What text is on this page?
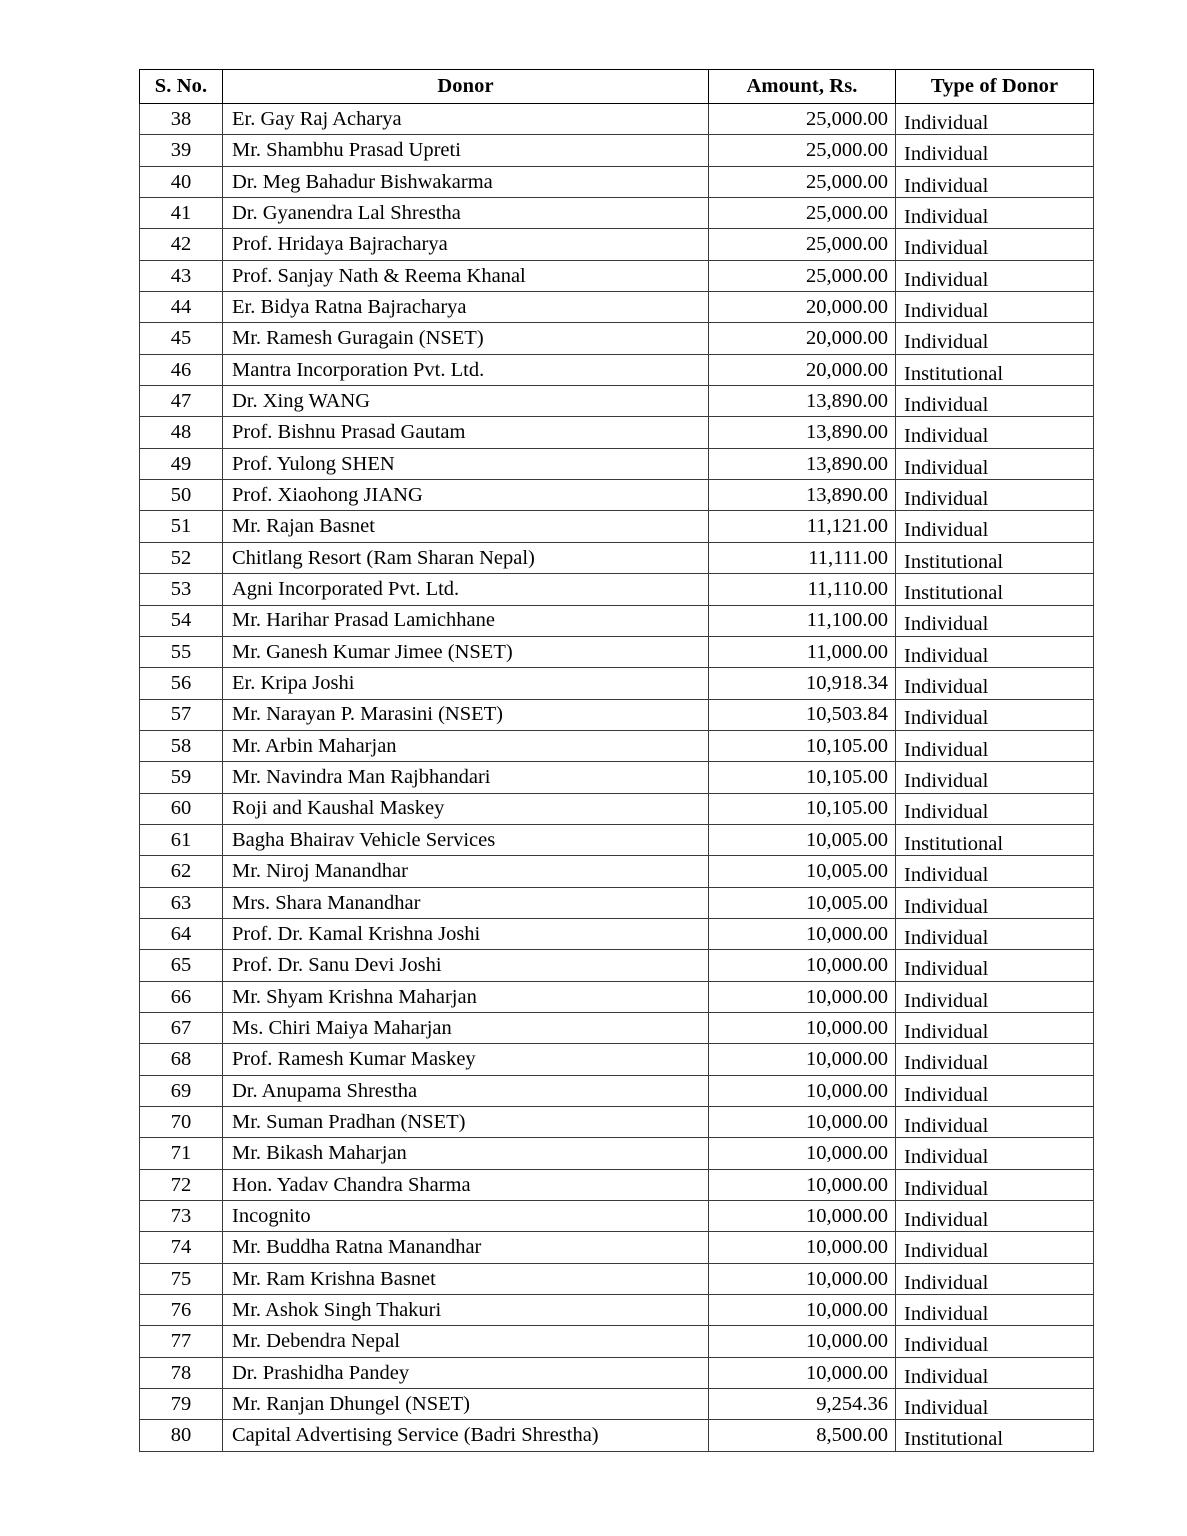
S. No.	Donor	Amount, Rs.	Type of Donor

38	Er. Gay Raj Acharya	25,000.00	Individual

39	Mr. Shambhu Prasad Upreti	25,000.00	Individual

40	Dr. Meg Bahadur Bishwakarma	25,000.00	Individual

41	Dr. Gyanendra Lal Shrestha	25,000.00	Individual

42	Prof. Hridaya Bajracharya	25,000.00	Individual

43	Prof. Sanjay Nath & Reema Khanal	25,000.00	Individual

44	Er. Bidya Ratna Bajracharya	20,000.00	Individual

45	Mr. Ramesh Guragain (NSET)	20,000.00	Individual

46	Mantra Incorporation Pvt. Ltd.	20,000.00	Institutional

47	Dr. Xing WANG	13,890.00	Individual

48	Prof. Bishnu Prasad Gautam	13,890.00	Individual

49	Prof. Yulong SHEN	13,890.00	Individual

50	Prof. Xiaohong JIANG	13,890.00	Individual

51	Mr. Rajan Basnet	11,121.00	Individual

52	Chitlang Resort (Ram Sharan Nepal)	11,111.00	Institutional

53	Agni Incorporated Pvt. Ltd.	11,110.00	Institutional

54	Mr. Harihar Prasad Lamichhane	11,100.00	Individual

55	Mr. Ganesh Kumar Jimee (NSET)	11,000.00	Individual

56	Er. Kripa Joshi	10,918.34	Individual

57	Mr. Narayan P. Marasini (NSET)	10,503.84	Individual

58	Mr. Arbin Maharjan	10,105.00	Individual

59	Mr. Navindra Man Rajbhandari	10,105.00	Individual

60	Roji and Kaushal Maskey	10,105.00	Individual

61	Bagha Bhairav Vehicle Services	10,005.00	Institutional

62	Mr. Niroj Manandhar	10,005.00	Individual

63	Mrs. Shara Manandhar	10,005.00	Individual

64	Prof. Dr. Kamal Krishna Joshi	10,000.00	Individual

65	Prof. Dr. Sanu Devi Joshi	10,000.00	Individual

66	Mr. Shyam Krishna Maharjan	10,000.00	Individual

67	Ms. Chiri Maiya Maharjan	10,000.00	Individual

68	Prof. Ramesh Kumar Maskey	10,000.00	Individual

69	Dr. Anupama Shrestha	10,000.00	Individual

70	Mr. Suman Pradhan (NSET)	10,000.00	Individual

71	Mr. Bikash Maharjan	10,000.00	Individual

72	Hon. Yadav Chandra Sharma	10,000.00	Individual

73	Incognito	10,000.00	Individual

74	Mr. Buddha Ratna Manandhar	10,000.00	Individual

75	Mr. Ram Krishna Basnet	10,000.00	Individual

76	Mr. Ashok Singh Thakuri	10,000.00	Individual

77	Mr. Debendra Nepal	10,000.00	Individual

78	Dr. Prashidha Pandey	10,000.00	Individual

79	Mr. Ranjan Dhungel (NSET)	9,254.36	Individual

80	Capital Advertising Service (Badri Shrestha)	8,500.00	Institutional
